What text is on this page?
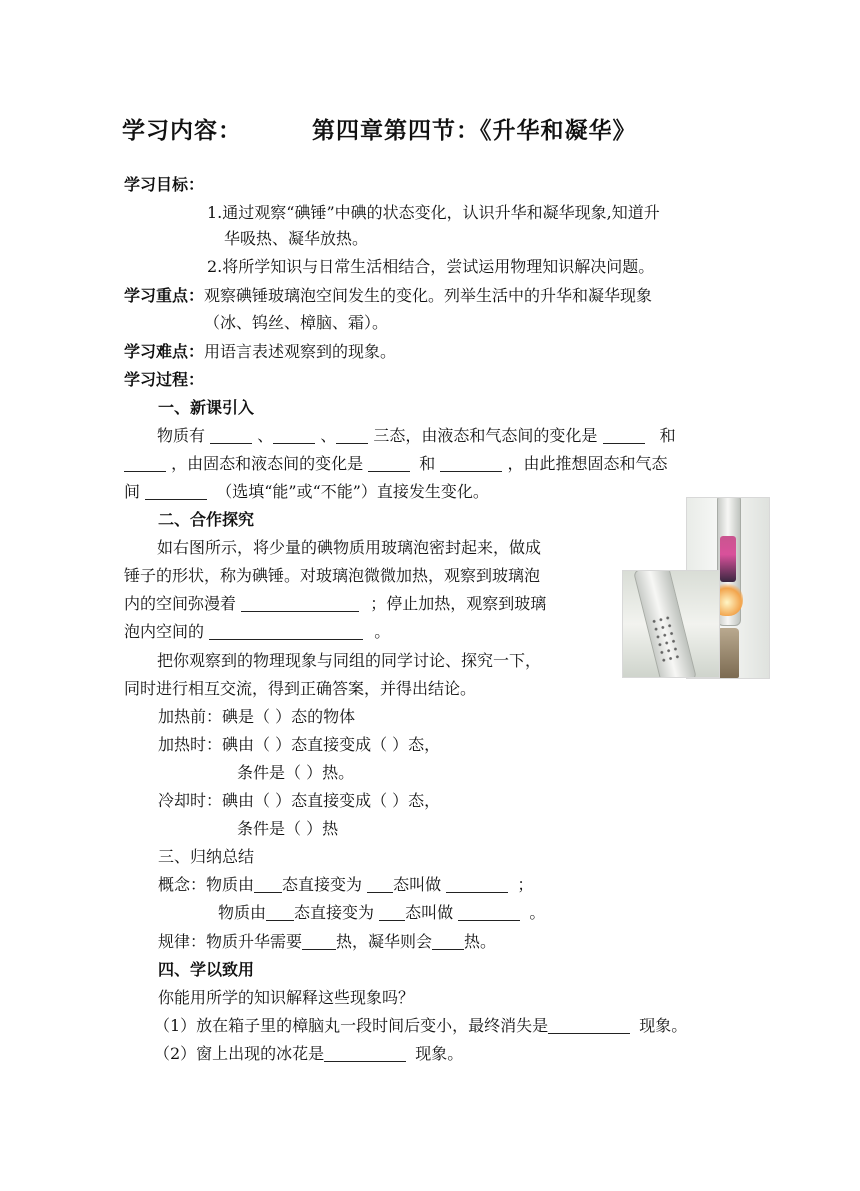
学习内容：	第四章第四节：《升华和凝华》
学习目标：
1.通过观察“碘锤”中碘的状态变化，认识升华和凝华现象,知道升
华吸热、凝华放热。
2.将所学知识与日常生活相结合，尝试运用物理知识解决问题。
学习重点：观察碘锤玻璃泡空间发生的变化。列举生活中的升华和凝华现象
（冰、钨丝、樟脑、霜）。
学习难点：用语言表述观察到的现象。
学习过程：
一、新课引入
物质有	、	、 三态，由液态和气态间的变化是	和
，由固态和液态间的变化是	和	，由此推想固态和气态
间	（选填“能”或“不能”）直接发生变化。
二、合作探究
如右图所示，将少量的碘物质用玻璃泡密封起来，做成
锤子的形状，称为碘锤。对玻璃泡微微加热，观察到玻璃泡
内的空间弥漫着	；停止加热，观察到玻璃
泡内空间的	。
把你观察到的物理现象与同组的同学讨论、探究一下，
同时进行相互交流，得到正确答案，并得出结论。
加热前：碘是（ ）态的物体
加热时：碘由（ ）态直接变成（ ）态，
条件是（ ）热。
冷却时：碘由（ ）态直接变成（ ）态，
条件是（ ）热
三、归纳总结
概念：物质由 态直接变为 态叫做	；
物质由 态直接变为 态叫做	。
规律：物质升华需要 热，凝华则会 热。
四、学以致用
你能用所学的知识解释这些现象吗？
（1）放在箱子里的樟脑丸一段时间后变小，最终消失是	现象。
（2）窗上出现的冰花是	现象。
